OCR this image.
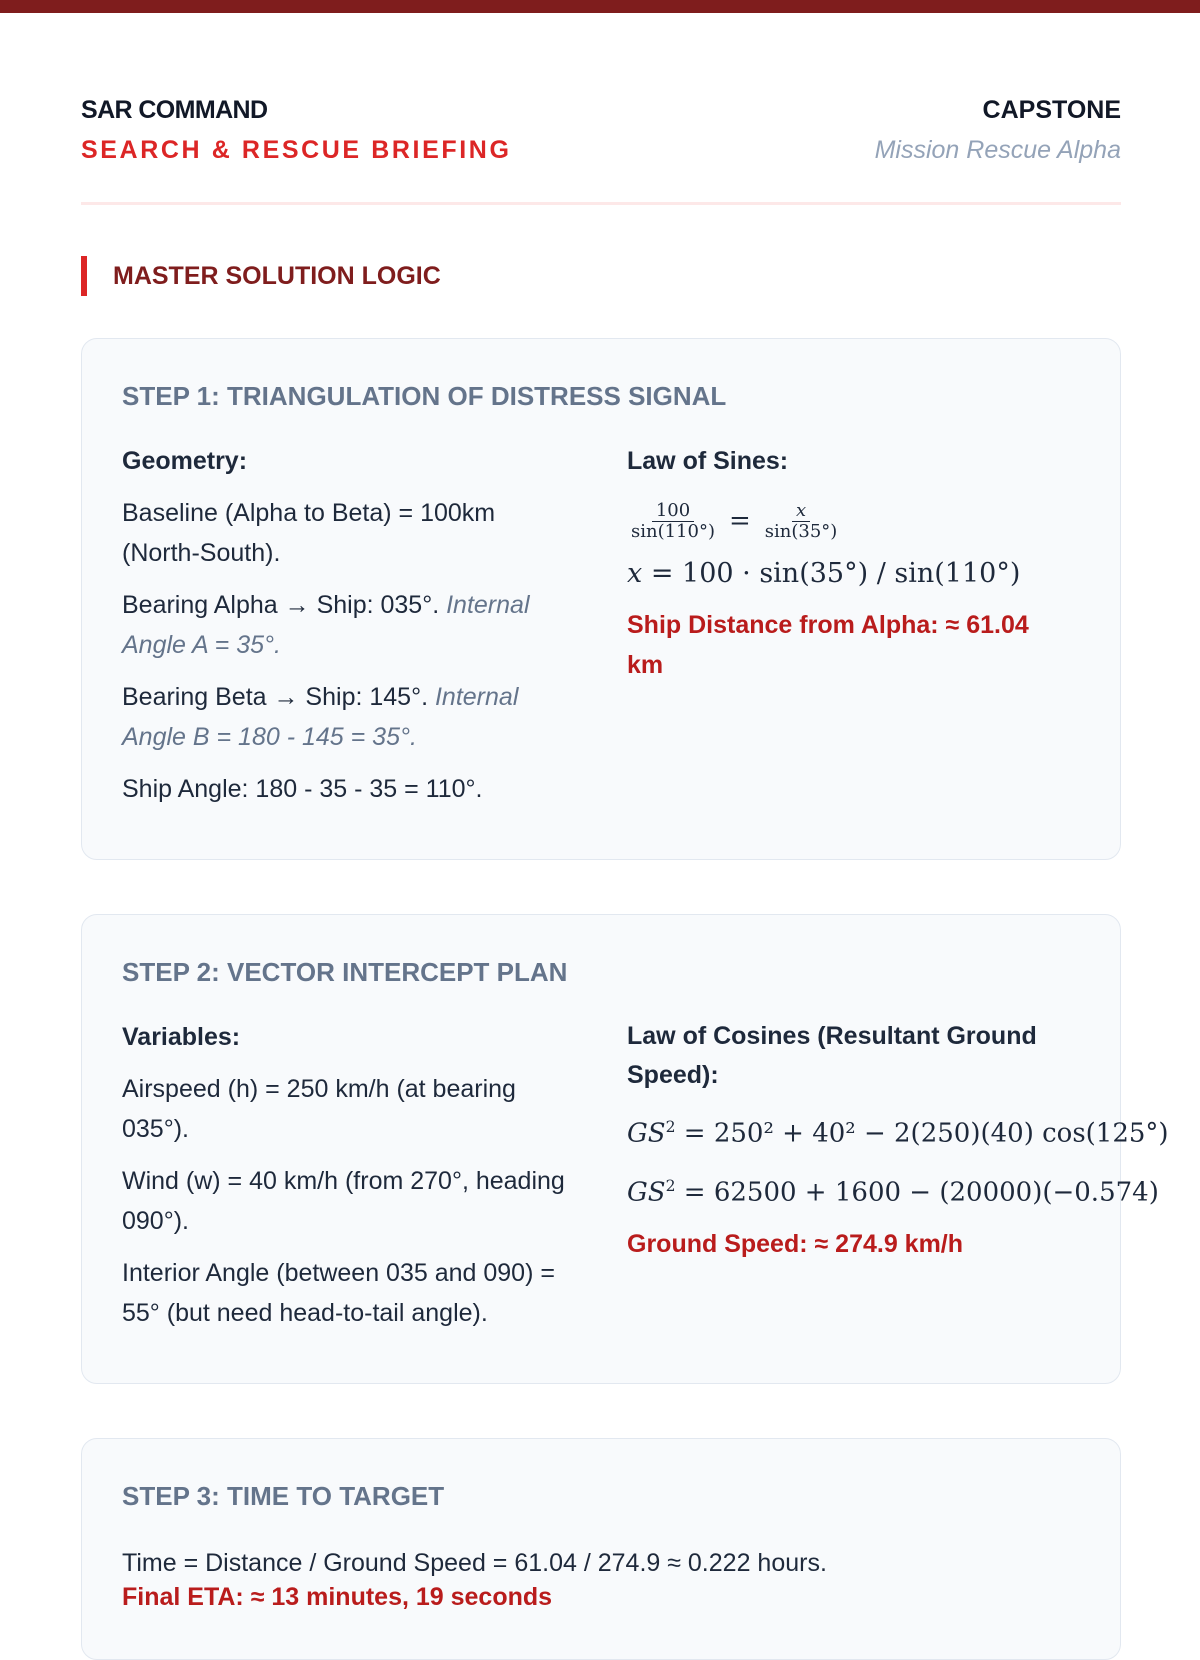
SAR COMMAND
SEARCH & RESCUE BRIEFING
CAPSTONE
Mission Rescue Alpha
MASTER SOLUTION LOGIC
STEP 1: TRIANGULATION OF DISTRESS SIGNAL

Geometry:

Baseline (Alpha to Beta) = 100km (North-South).

Bearing Alpha → Ship: 035°. Internal Angle A = 35°.

Bearing Beta → Ship: 145°. Internal Angle B = 180 - 145 = 35°.

Ship Angle: 180 - 35 - 35 = 110°.

Law of Sines:

$\frac{100}{\sin(110^\circ)} = \frac{x}{\sin(35^\circ)}$
x = 100 · sin(35°) / sin(110°)
Ship Distance from Alpha: ≈ 61.04 km
STEP 2: VECTOR INTERCEPT PLAN

Variables:

Airspeed (h) = 250 km/h (at bearing 035°).

Wind (w) = 40 km/h (from 270°, heading 090°).

Interior Angle (between 035 and 090) = 55° (but need head-to-tail angle).

Law of Cosines (Resultant Ground Speed):

$GS^2 = 250^2 + 40^2 - 2(250)(40)$ cos(125°)
$GS^2 = 62500 + 1600 - (20000)(-0.574)$
Ground Speed: ≈ 274.9 km/h
STEP 3: TIME TO TARGET

Time = Distance / Ground Speed = 61.04 / 274.9 ≈ 0.222 hours.

Final ETA: ≈ 13 minutes, 19 seconds
